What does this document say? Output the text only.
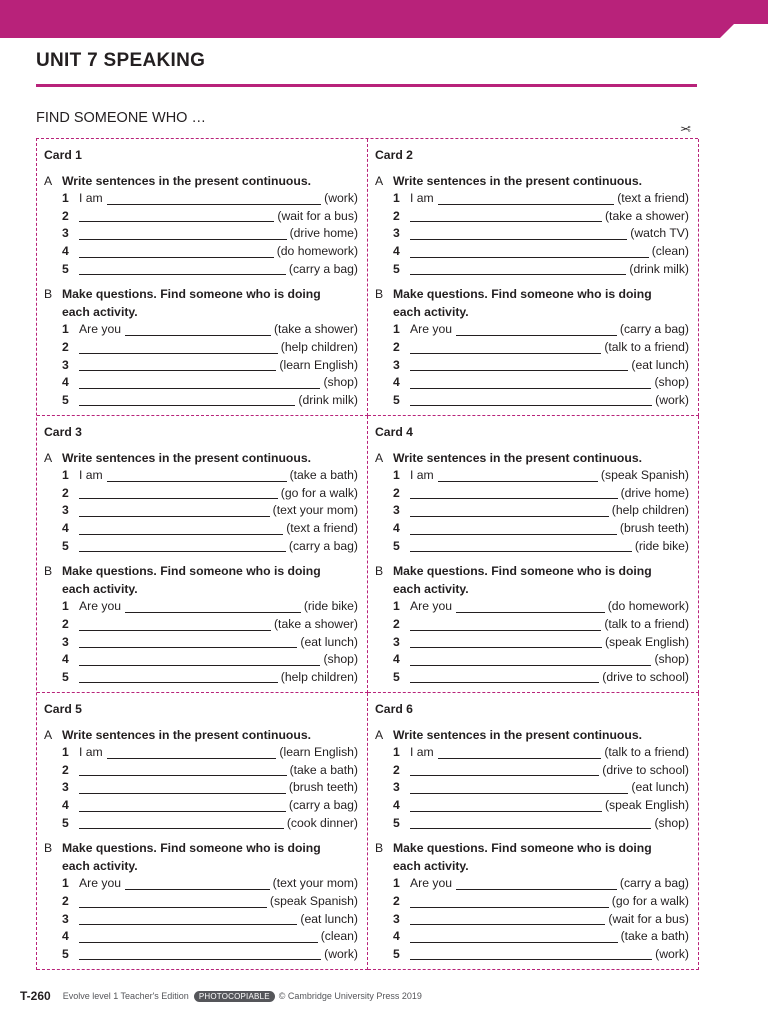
UNIT 7 SPEAKING
FIND SOMEONE WHO …
✂
Card 1
A Write sentences in the present continuous.
1 I am	(work)
2	(wait for a bus)
3	(drive home)
4	(do homework)
5	(carry a bag)
B Make questions. Find someone who is doing
each activity.
1 Are you	(take a shower)
2	(help children)
3	(learn English)
4	(shop)
5	(drink milk)
Card 2
A Write sentences in the present continuous.
1 I am	(text a friend)
2	(take a shower)
3	(watch TV)
4	(clean)
5	(drink milk)
B Make questions. Find someone who is doing
each activity.
1 Are you	(carry a bag)
2	(talk to a friend)
3	(eat lunch)
4	(shop)
5	(work)
Card 3
A Write sentences in the present continuous.
1 I am	(take a bath)
2	(go for a walk)
3	(text your mom)
4	(text a friend)
5	(carry a bag)
B Make questions. Find someone who is doing
each activity.
1 Are you	(ride bike)
2	(take a shower)
3	(eat lunch)
4	(shop)
5	(help children)
Card 4
A Write sentences in the present continuous.
1 I am	(speak Spanish)
2	(drive home)
3	(help children)
4	(brush teeth)
5	(ride bike)
B Make questions. Find someone who is doing
each activity.
1 Are you	(do homework)
2	(talk to a friend)
3	(speak English)
4	(shop)
5	(drive to school)
Card 5
A Write sentences in the present continuous.
1 I am	(learn English)
2	(take a bath)
3	(brush teeth)
4	(carry a bag)
5	(cook dinner)
B Make questions. Find someone who is doing
each activity.
1 Are you	(text your mom)
2	(speak Spanish)
3	(eat lunch)
4	(clean)
5	(work)
Card 6
A Write sentences in the present continuous.
1 I am	(talk to a friend)
2	(drive to school)
3	(eat lunch)
4	(speak English)
5	(shop)
B Make questions. Find someone who is doing
each activity.
1 Are you	(carry a bag)
2	(go for a walk)
3	(wait for a bus)
4	(take a bath)
5	(work)
T-260 Evolve level 1 Teacher's Edition	PHOTOCOPIABLE	© Cambridge University Press 2019
